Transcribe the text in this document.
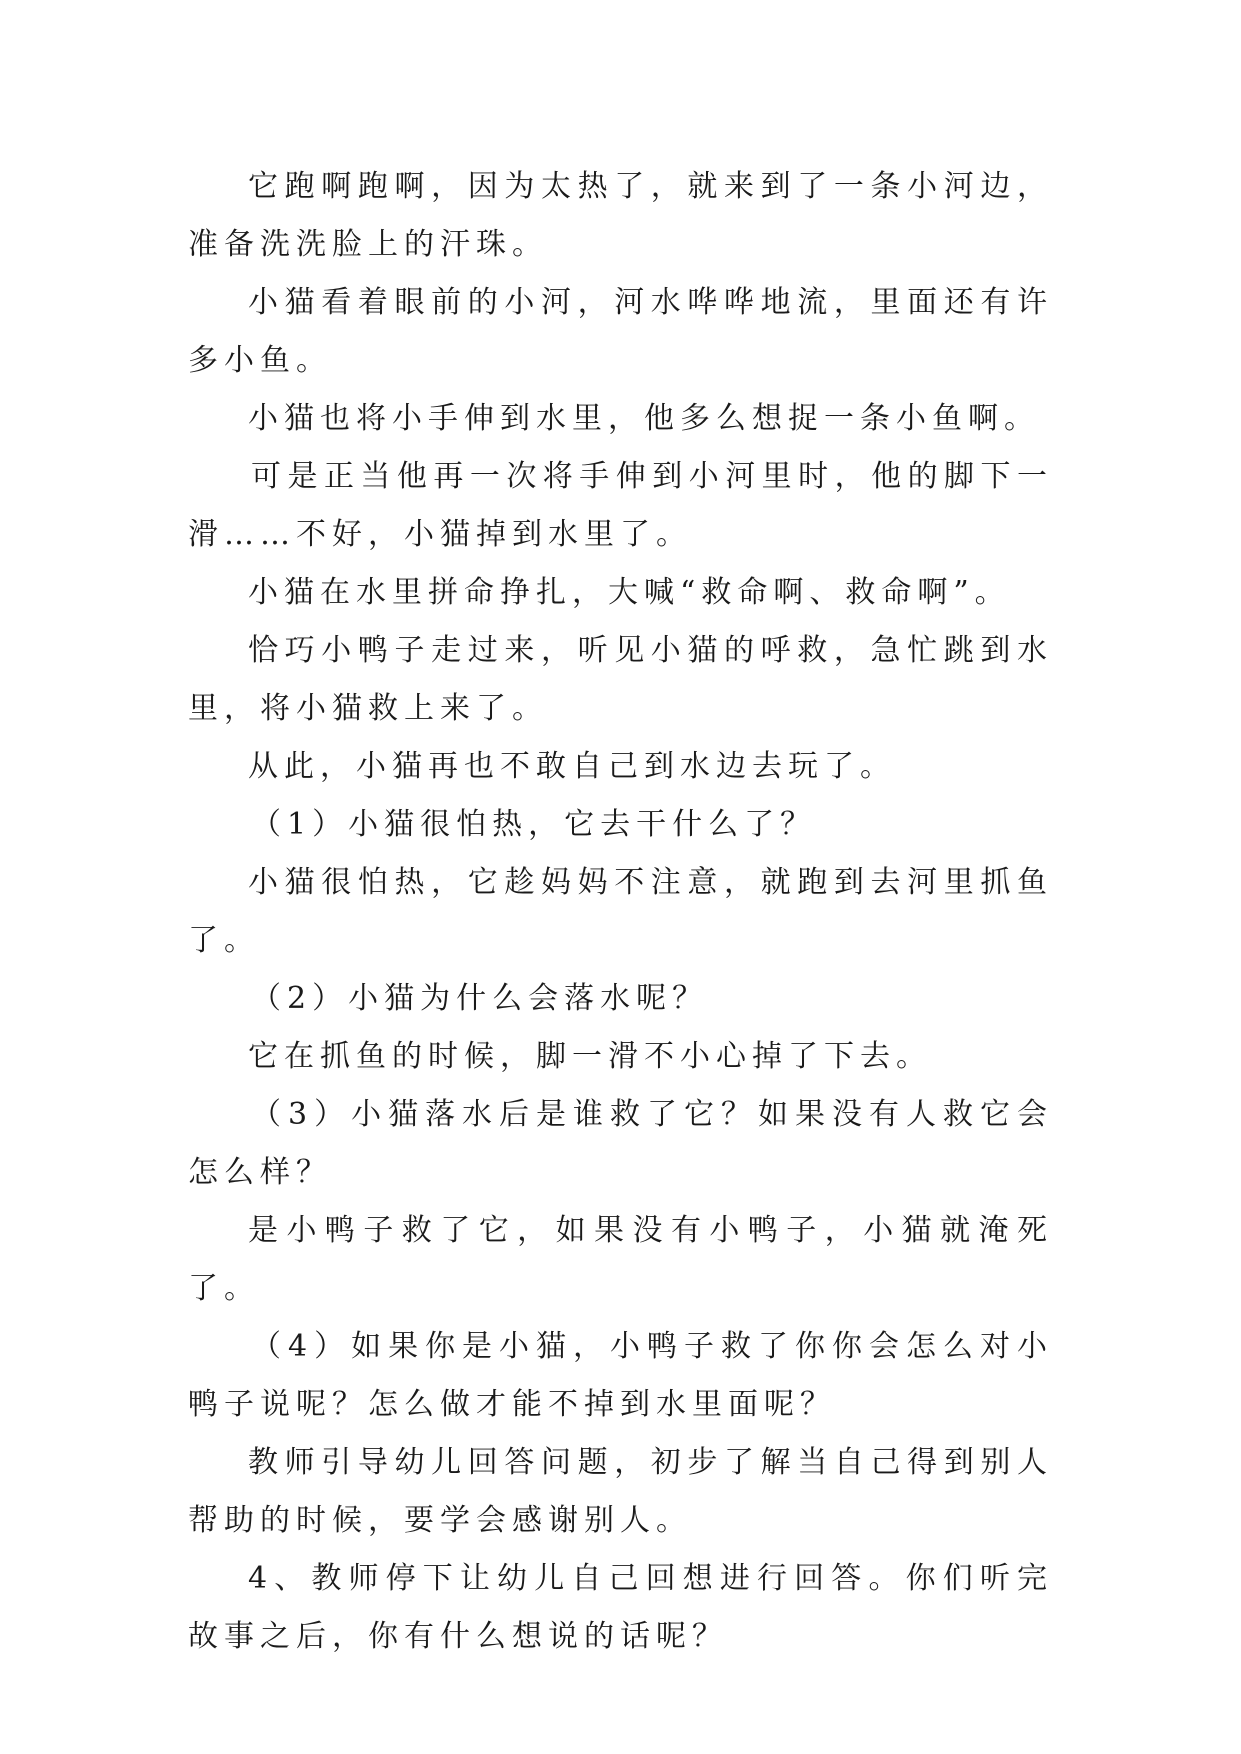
它跑啊跑啊，因为太热了，就来到了一条小河边，准备洗洗脸上的汗珠。

小猫看着眼前的小河，河水哗哗地流，里面还有许多小鱼。

小猫也将小手伸到水里，他多么想捉一条小鱼啊。

可是正当他再一次将手伸到小河里时，他的脚下一滑……不好，小猫掉到水里了。

小猫在水里拼命挣扎，大喊“救命啊、救命啊”。

恰巧小鸭子走过来，听见小猫的呼救，急忙跳到水里，将小猫救上来了。

从此，小猫再也不敢自己到水边去玩了。

（1）小猫很怕热，它去干什么了？

小猫很怕热，它趁妈妈不注意，就跑到去河里抓鱼了。

（2）小猫为什么会落水呢？

它在抓鱼的时候，脚一滑不小心掉了下去。

（3）小猫落水后是谁救了它？如果没有人救它会怎么样？

是小鸭子救了它，如果没有小鸭子，小猫就淹死了。

（4）如果你是小猫，小鸭子救了你你会怎么对小鸭子说呢？怎么做才能不掉到水里面呢？

教师引导幼儿回答问题，初步了解当自己得到别人帮助的时候，要学会感谢别人。

4、教师停下让幼儿自己回想进行回答。你们听完故事之后，你有什么想说的话呢？
